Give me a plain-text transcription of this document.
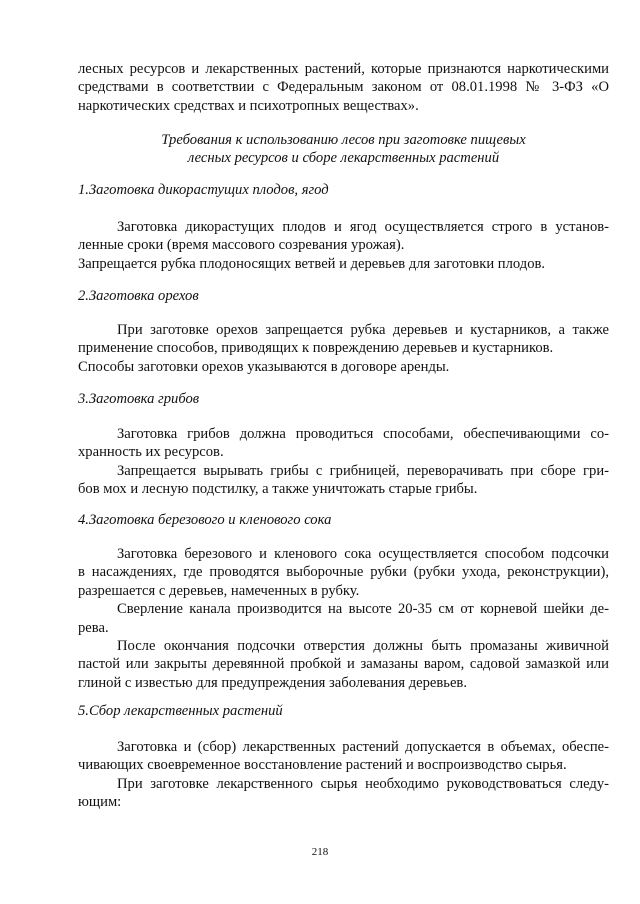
лесных ресурсов и лекарственных растений, которые признаются наркотическими

средствами в соответствии с Федеральным законом от 08.01.1998 № 3-ФЗ «О

наркотических средствах и психотропных веществах».

Требования к использованию лесов при заготовке пищевых

лесных ресурсов и сборе лекарственных растений

1.Заготовка дикорастущих плодов, ягод

Заготовка дикорастущих плодов и ягод осуществляется строго в установ-

ленные сроки (время массового созревания урожая).

Запрещается рубка плодоносящих ветвей и деревьев для заготовки плодов.

2.Заготовка орехов

При заготовке орехов запрещается рубка деревьев и кустарников, а также

применение способов, приводящих к повреждению деревьев и кустарников.

Способы заготовки орехов указываются в договоре аренды.

3.Заготовка грибов

Заготовка грибов должна проводиться способами, обеспечивающими со-

хранность их ресурсов.

Запрещается вырывать грибы с грибницей, переворачивать при сборе гри-

бов мох и лесную подстилку, а также уничтожать старые грибы.

4.Заготовка березового и кленового сока

Заготовка березового и кленового сока осуществляется способом подсочки

в насаждениях, где проводятся выборочные рубки (рубки ухода, реконструкции),

разрешается с деревьев, намеченных в рубку.

Сверление канала производится на высоте 20-35 см от корневой шейки де-

рева.

После окончания подсочки отверстия должны быть промазаны живичной

пастой или закрыты деревянной пробкой и замазаны варом, садовой замазкой или

глиной с известью для предупреждения заболевания деревьев.

5.Сбор лекарственных растений

Заготовка и (сбор) лекарственных растений допускается в объемах, обеспе-

чивающих своевременное восстановление растений и воспроизводство сырья.

При заготовке лекарственного сырья необходимо руководствоваться следу-

ющим:

218
